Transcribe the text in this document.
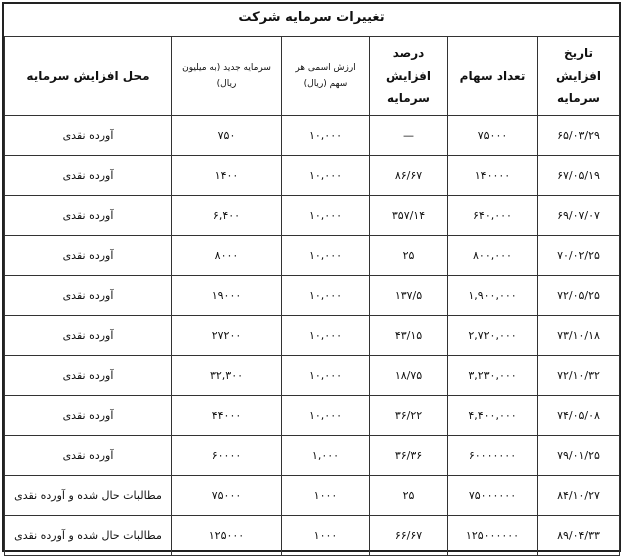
تغییرات سرمایه شرکت
تاریخ افزایش سرمایه	تعداد سهام	درصد افزایش سرمایه	ارزش اسمی هر سهم (ریال)	سرمایه جدید (به میلیون ریال)	محل افزایش سرمایه
۶۵/۰۳/۲۹	۷۵۰۰۰	—	۱۰,۰۰۰	۷۵۰	آورده نقدی
۶۷/۰۵/۱۹	۱۴۰۰۰۰	۸۶/۶۷	۱۰,۰۰۰	۱۴۰۰	آورده نقدی
۶۹/۰۷/۰۷	۶۴۰,۰۰۰	۳۵۷/۱۴	۱۰,۰۰۰	۶,۴۰۰	آورده نقدی
۷۰/۰۲/۲۵	۸۰۰,۰۰۰	۲۵	۱۰,۰۰۰	۸۰۰۰	آورده نقدی
۷۲/۰۵/۲۵	۱,۹۰۰,۰۰۰	۱۳۷/۵	۱۰,۰۰۰	۱۹۰۰۰	آورده نقدی
۷۳/۱۰/۱۸	۲,۷۲۰,۰۰۰	۴۳/۱۵	۱۰,۰۰۰	۲۷۲۰۰	آورده نقدی
۷۲/۱۰/۳۲	۳,۲۳۰,۰۰۰	۱۸/۷۵	۱۰,۰۰۰	۳۲,۳۰۰	آورده نقدی
۷۴/۰۵/۰۸	۴,۴۰۰,۰۰۰	۳۶/۲۲	۱۰,۰۰۰	۴۴۰۰۰	آورده نقدی
۷۹/۰۱/۲۵	۶۰۰۰۰۰۰۰	۳۶/۳۶	۱,۰۰۰	۶۰۰۰۰	آورده نقدی
۸۴/۱۰/۲۷	۷۵۰۰۰۰۰۰	۲۵	۱۰۰۰	۷۵۰۰۰	مطالبات حال شده و آورده نقدی
۸۹/۰۴/۳۳	۱۲۵۰۰۰۰۰۰	۶۶/۶۷	۱۰۰۰	۱۲۵۰۰۰	مطالبات حال شده و آورده نقدی
